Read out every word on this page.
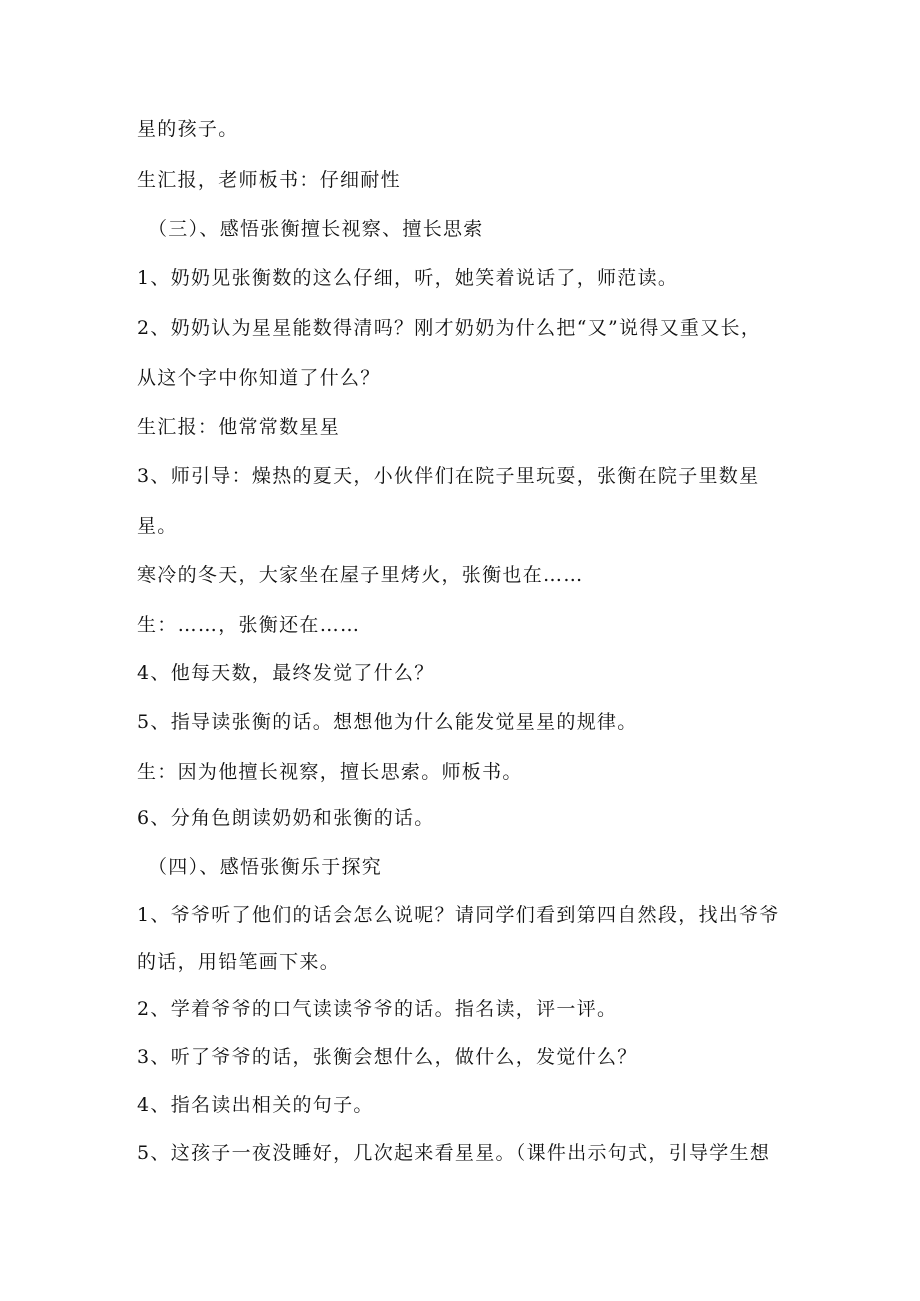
星的孩子。
生汇报，老师板书：仔细耐性
（三）、感悟张衡擅长视察、擅长思索
1、奶奶见张衡数的这么仔细，听，她笑着说话了，师范读。
2、奶奶认为星星能数得清吗？刚才奶奶为什么把“又”说得又重又长，
从这个字中你知道了什么？
生汇报：他常常数星星
3、师引导：燥热的夏天，小伙伴们在院子里玩耍，张衡在院子里数星
星。
寒冷的冬天，大家坐在屋子里烤火，张衡也在……
生：……，张衡还在……
4、他每天数，最终发觉了什么？
5、指导读张衡的话。想想他为什么能发觉星星的规律。
生：因为他擅长视察，擅长思索。师板书。
6、分角色朗读奶奶和张衡的话。
（四）、感悟张衡乐于探究
1、爷爷听了他们的话会怎么说呢？请同学们看到第四自然段，找出爷爷
的话，用铅笔画下来。
2、学着爷爷的口气读读爷爷的话。指名读，评一评。
3、听了爷爷的话，张衡会想什么，做什么，发觉什么？
4、指名读出相关的句子。
5、这孩子一夜没睡好，几次起来看星星。（课件出示句式，引导学生想
